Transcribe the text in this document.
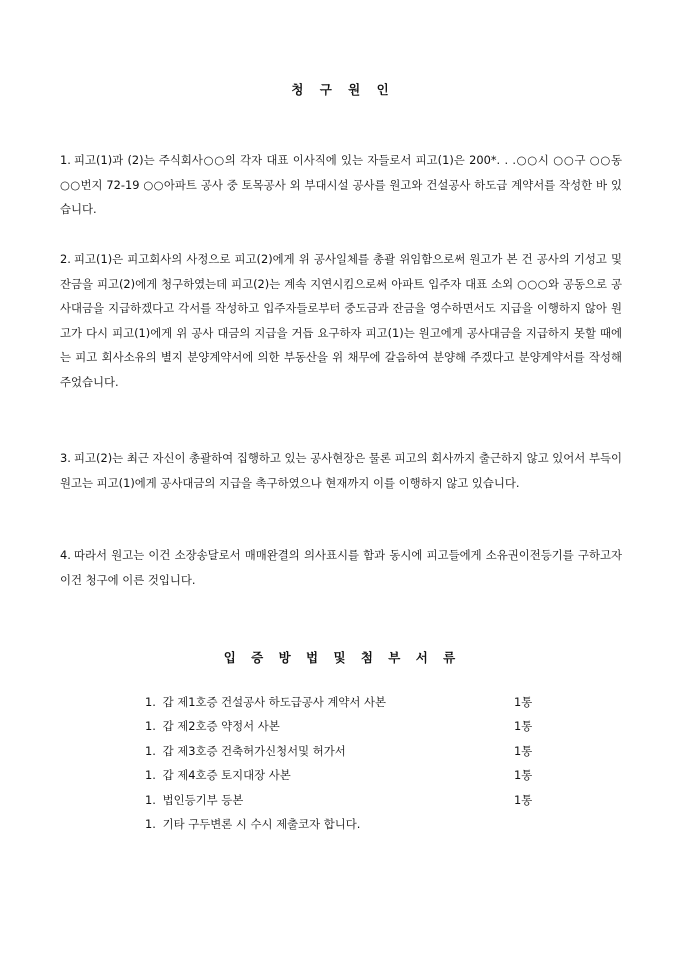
청 구 원 인

1. 피고(1)과 (2)는 주식회사○○의 각자 대표 이사직에 있는 자들로서 피고(1)은 200*. . .○○시 ○○구 ○○동 ○○번지 72-19 ○○아파트 공사 중 토목공사 외 부대시설 공사를 원고와 건설공사 하도급 계약서를 작성한 바 있습니다.

2. 피고(1)은 피고회사의 사정으로 피고(2)에게 위 공사일체를 총괄 위임함으로써 원고가 본 건 공사의 기성고 및 잔금을 피고(2)에게 청구하였는데 피고(2)는 계속 지연시킴으로써 아파트 입주자 대표 소외 ○○○와 공동으로 공사대금을 지급하겠다고 각서를 작성하고 입주자들로부터 중도금과 잔금을 영수하면서도 지급을 이행하지 않아 원고가 다시 피고(1)에게 위 공사 대금의 지급을 거듭 요구하자 피고(1)는 원고에게 공사대금을 지급하지 못할 때에는 피고 회사소유의 별지 분양계약서에 의한 부동산을 위 채무에 갈음하여 분양해 주겠다고 분양계약서를 작성해 주었습니다.

3. 피고(2)는 최근 자신이 총괄하여 집행하고 있는 공사현장은 물론 피고의 회사까지 출근하지 않고 있어서 부득이 원고는 피고(1)에게 공사대금의 지급을 촉구하였으나 현재까지 이를 이행하지 않고 있습니다.

4. 따라서 원고는 이건 소장송달로서 매매완결의 의사표시를 함과 동시에 피고들에게 소유권이전등기를 구하고자 이건 청구에 이른 것입니다.

입 증 방 법 및 첨 부 서 류
1. 갑 제1호증 건설공사 하도급공사 계약서 사본	1통
1. 갑 제2호증 약정서 사본	1통
1. 갑 제3호증 건축허가신청서및 허가서	1통
1. 갑 제4호증 토지대장 사본	1통
1. 법인등기부 등본	1통
1. 기타 구두변론 시 수시 제출코자 합니다.
